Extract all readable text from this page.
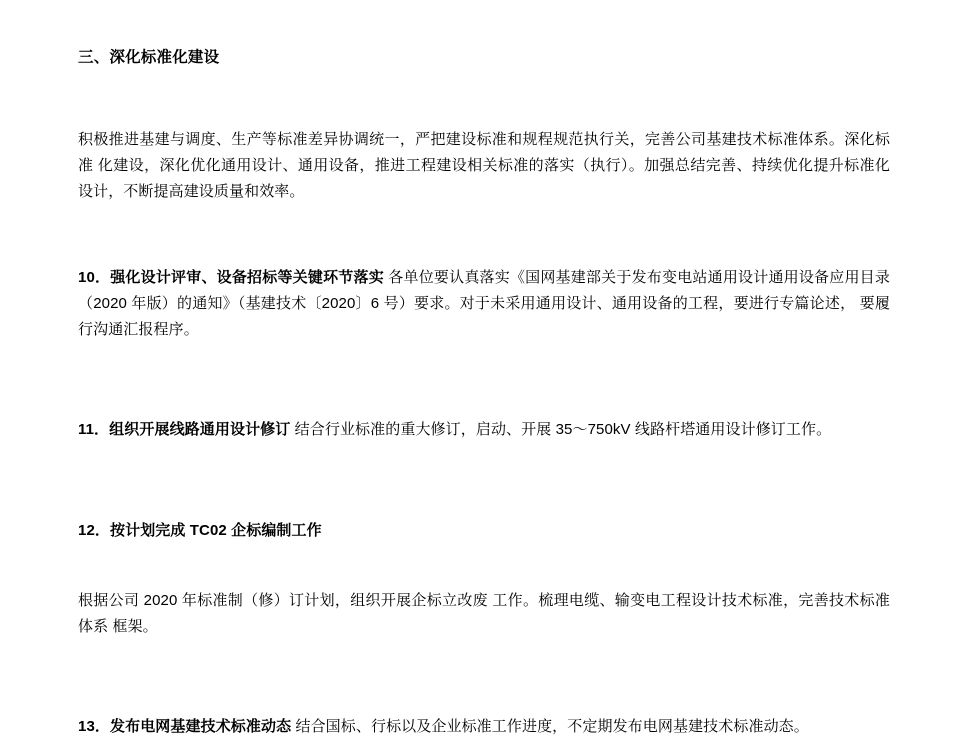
三、深化标准化建设

积极推进基建与调度、生产等标准差异协调统一，严把建设标准和规程规范执行关，完善公司基建技术标准体系。深化标准 化建设，深化优化通用设计、通用设备，推进工程建设相关标准的落实（执行）。加强总结完善、持续优化提升标准化设计，不断提高建设质量和效率。

10．强化设计评审、设备招标等关键环节落实 各单位要认真落实《国网基建部关于发布变电站通用设计通用设备应用目录（2020 年版）的通知》（基建技术〔2020〕6 号）要求。对于未采用通用设计、通用设备的工程，要进行专篇论述， 要履行沟通汇报程序。

11．组织开展线路通用设计修订 结合行业标准的重大修订，启动、开展 35～750kV 线路杆塔通用设计修订工作。

12．按计划完成 TC02 企标编制工作

根据公司 2020 年标准制（修）订计划，组织开展企标立改废 工作。梳理电缆、输变电工程设计技术标准，完善技术标准体系 框架。

13．发布电网基建技术标准动态 结合国标、行标以及企业标准工作进度，不定期发布电网基建技术标准动态。
